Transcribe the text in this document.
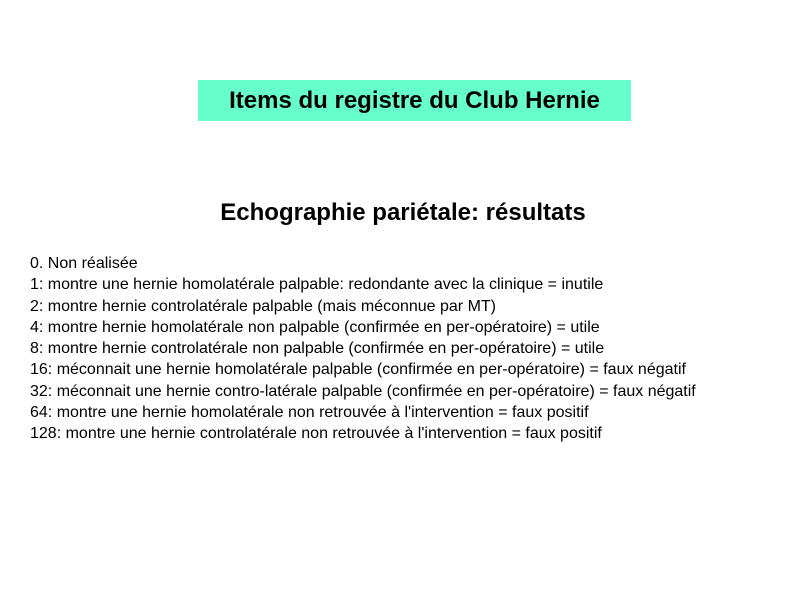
Items du registre du Club Hernie
Echographie pariétale: résultats
0. Non réalisée
1: montre une hernie homolatérale palpable: redondante avec la clinique = inutile
2: montre hernie controlatérale palpable (mais méconnue par MT)
4: montre hernie homolatérale non palpable (confirmée en per-opératoire) = utile
8: montre hernie controlatérale non palpable (confirmée en per-opératoire) = utile
16: méconnait une hernie homolatérale palpable (confirmée en per-opératoire) = faux négatif
32: méconnait une hernie contro-latérale palpable (confirmée en per-opératoire) = faux négatif
64: montre une hernie homolatérale non retrouvée à l'intervention = faux positif
128: montre une hernie controlatérale non retrouvée à l'intervention = faux positif
